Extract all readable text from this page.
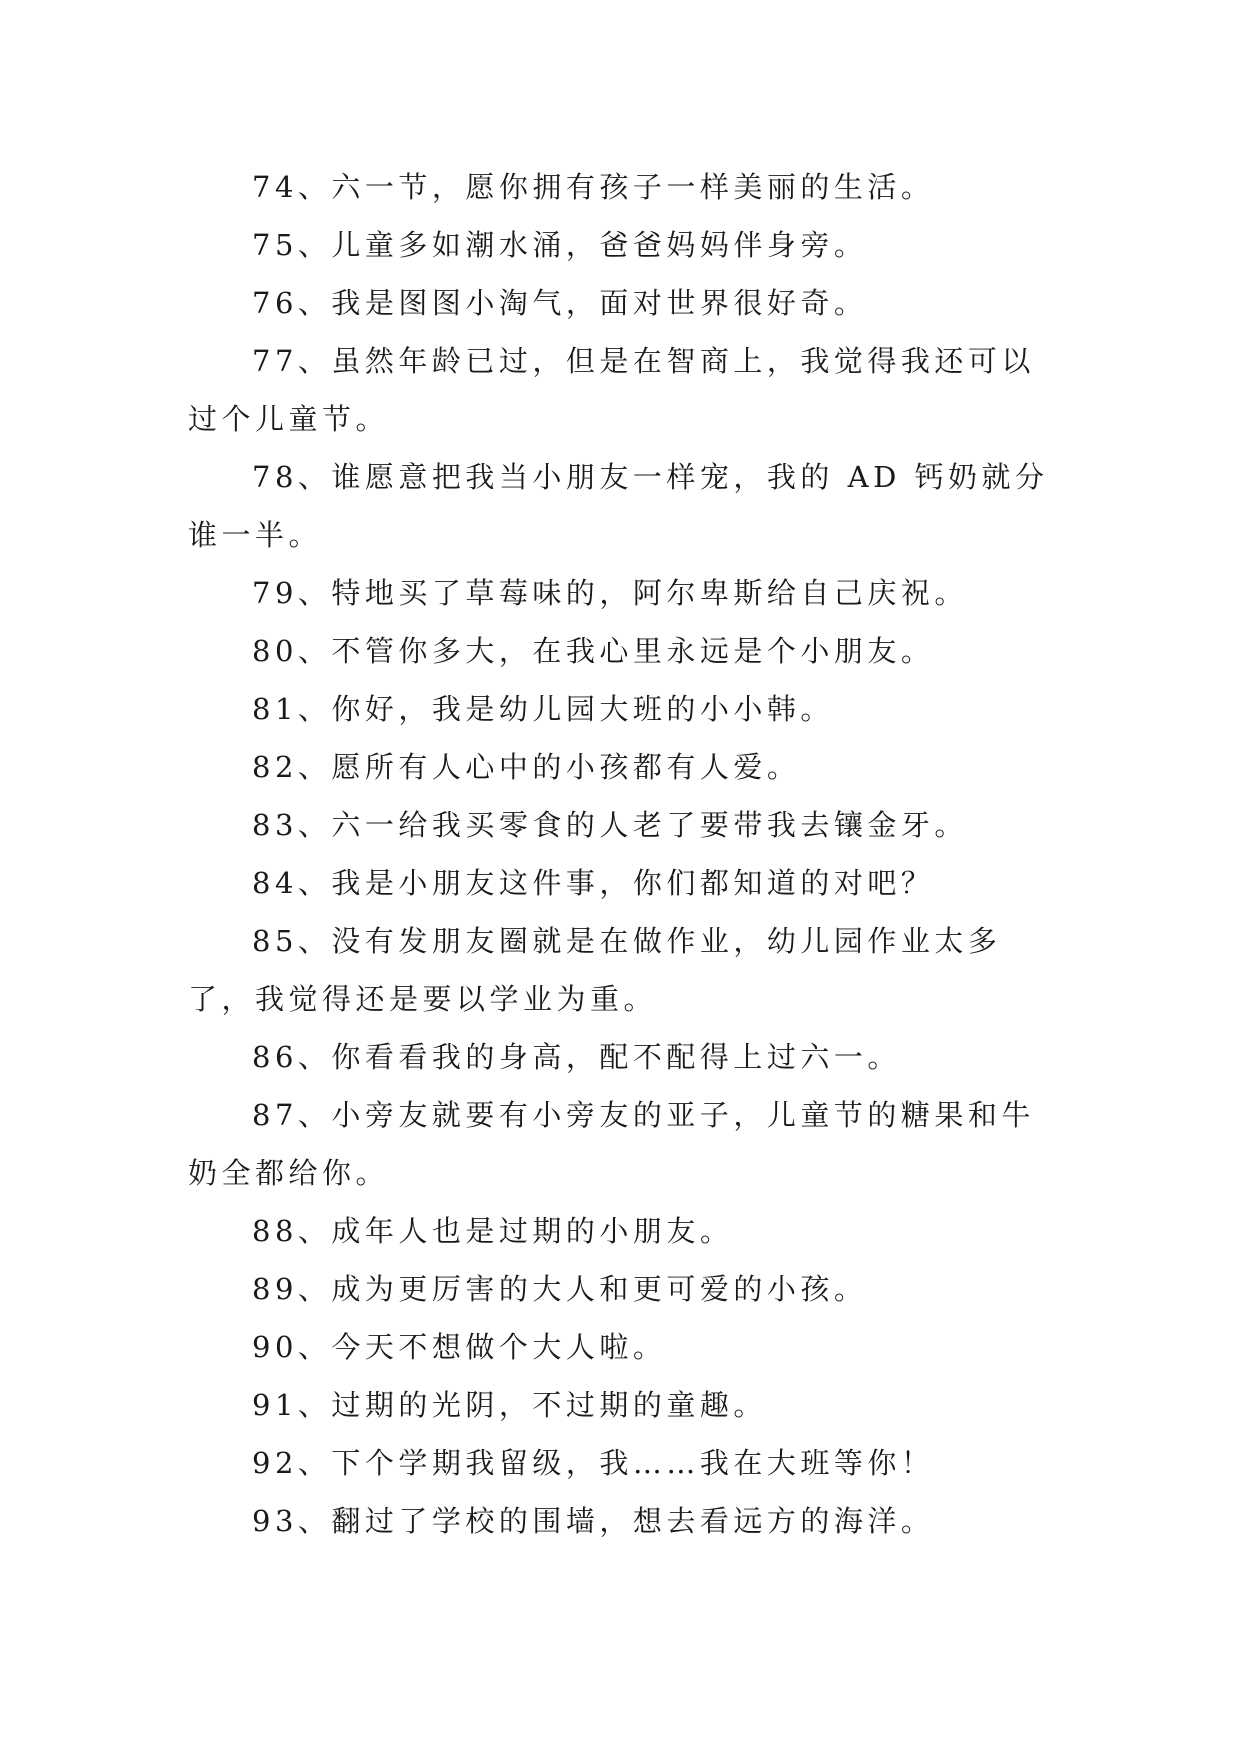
74、六一节，愿你拥有孩子一样美丽的生活。

75、儿童多如潮水涌，爸爸妈妈伴身旁。

76、我是图图小淘气，面对世界很好奇。

77、虽然年龄已过，但是在智商上，我觉得我还可以过个儿童节。

78、谁愿意把我当小朋友一样宠，我的 AD 钙奶就分谁一半。

79、特地买了草莓味的，阿尔卑斯给自己庆祝。

80、不管你多大，在我心里永远是个小朋友。

81、你好，我是幼儿园大班的小小韩。

82、愿所有人心中的小孩都有人爱。

83、六一给我买零食的人老了要带我去镶金牙。

84、我是小朋友这件事，你们都知道的对吧？

85、没有发朋友圈就是在做作业，幼儿园作业太多了，我觉得还是要以学业为重。

86、你看看我的身高，配不配得上过六一。

87、小旁友就要有小旁友的亚子，儿童节的糖果和牛奶全都给你。

88、成年人也是过期的小朋友。

89、成为更厉害的大人和更可爱的小孩。

90、今天不想做个大人啦。

91、过期的光阴，不过期的童趣。

92、下个学期我留级，我……我在大班等你！

93、翻过了学校的围墙，想去看远方的海洋。
